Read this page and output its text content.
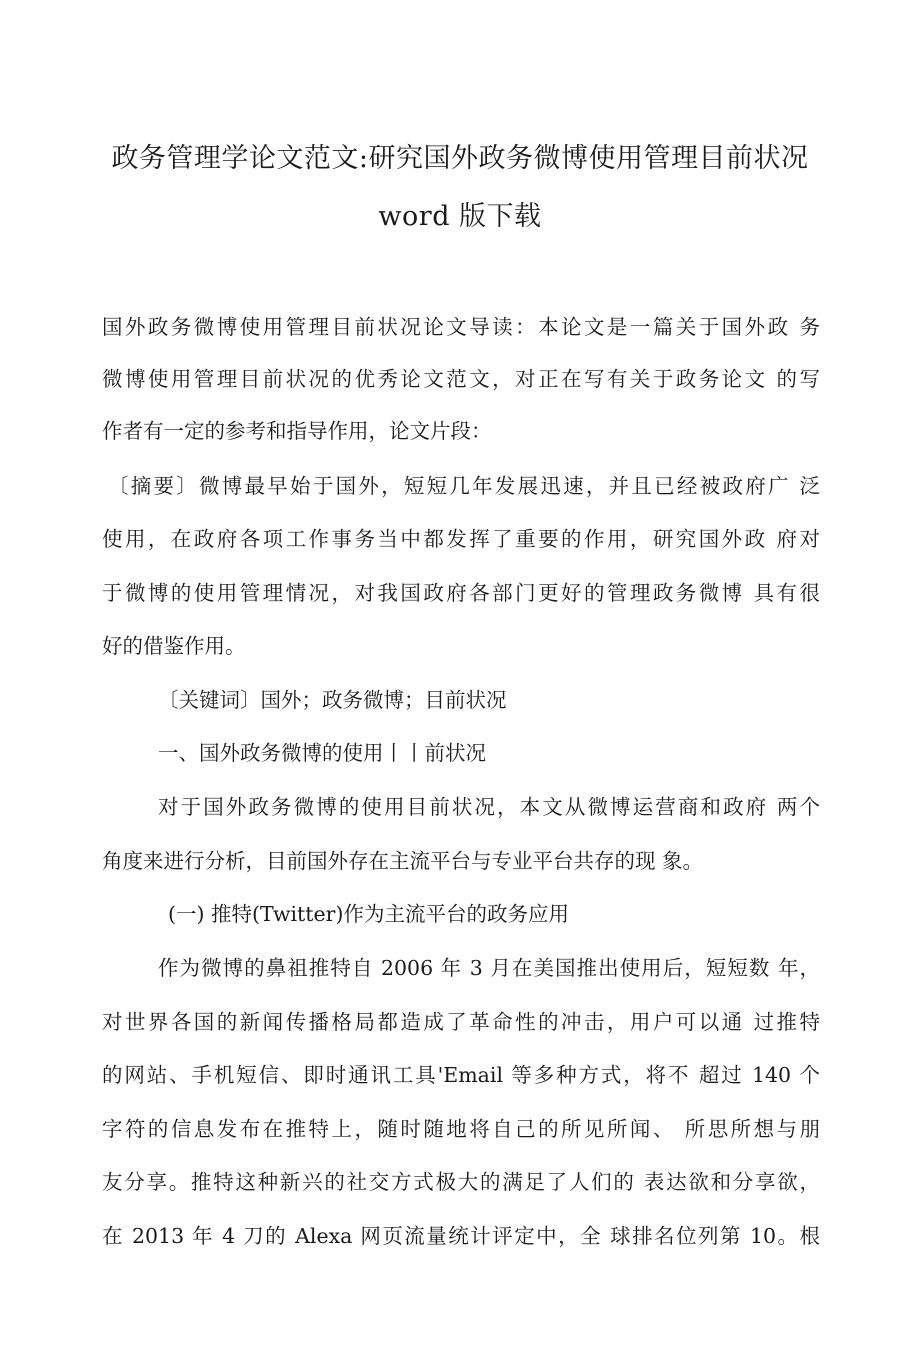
政务管理学论文范文:研究国外政务微博使用管理目前状况
word 版下载
国外政务微博使用管理目前状况论文导读：本论文是一篇关于国外政 务
微博使用管理目前状况的优秀论文范文，对正在写有关于政务论文 的写
作者有一定的参考和指导作用，论文片段：
〔摘要〕微博最早始于国外，短短几年发展迅速，并且已经被政府广 泛
使用，在政府各项工作事务当中都发挥了重要的作用，研究国外政 府对
于微博的使用管理情况，对我国政府各部门更好的管理政务微博 具有很
好的借鉴作用。
〔关键词〕国外；政务微博；目前状况
一、国外政务微博的使用丨丨前状况
对于国外政务微博的使用目前状况，本文从微博运营商和政府 两个
角度来进行分析，目前国外存在主流平台与专业平台共存的现 象。
(一) 推特(Twitter)作为主流平台的政务应用
作为微博的鼻祖推特自 2006 年 3 月在美国推出使用后，短短数 年，
对世界各国的新闻传播格局都造成了革命性的冲击，用户可以通 过推特
的网站、手机短信、即时通讯工具'Email 等多种方式，将不 超过 140 个
字符的信息发布在推特上，随时随地将自己的所见所闻、 所思所想与朋
友分享。推特这种新兴的社交方式极大的满足了人们的 表达欲和分享欲，
在 2013 年 4 刀的 Alexa 网页流量统计评定中，全 球排名位列第 10。根
